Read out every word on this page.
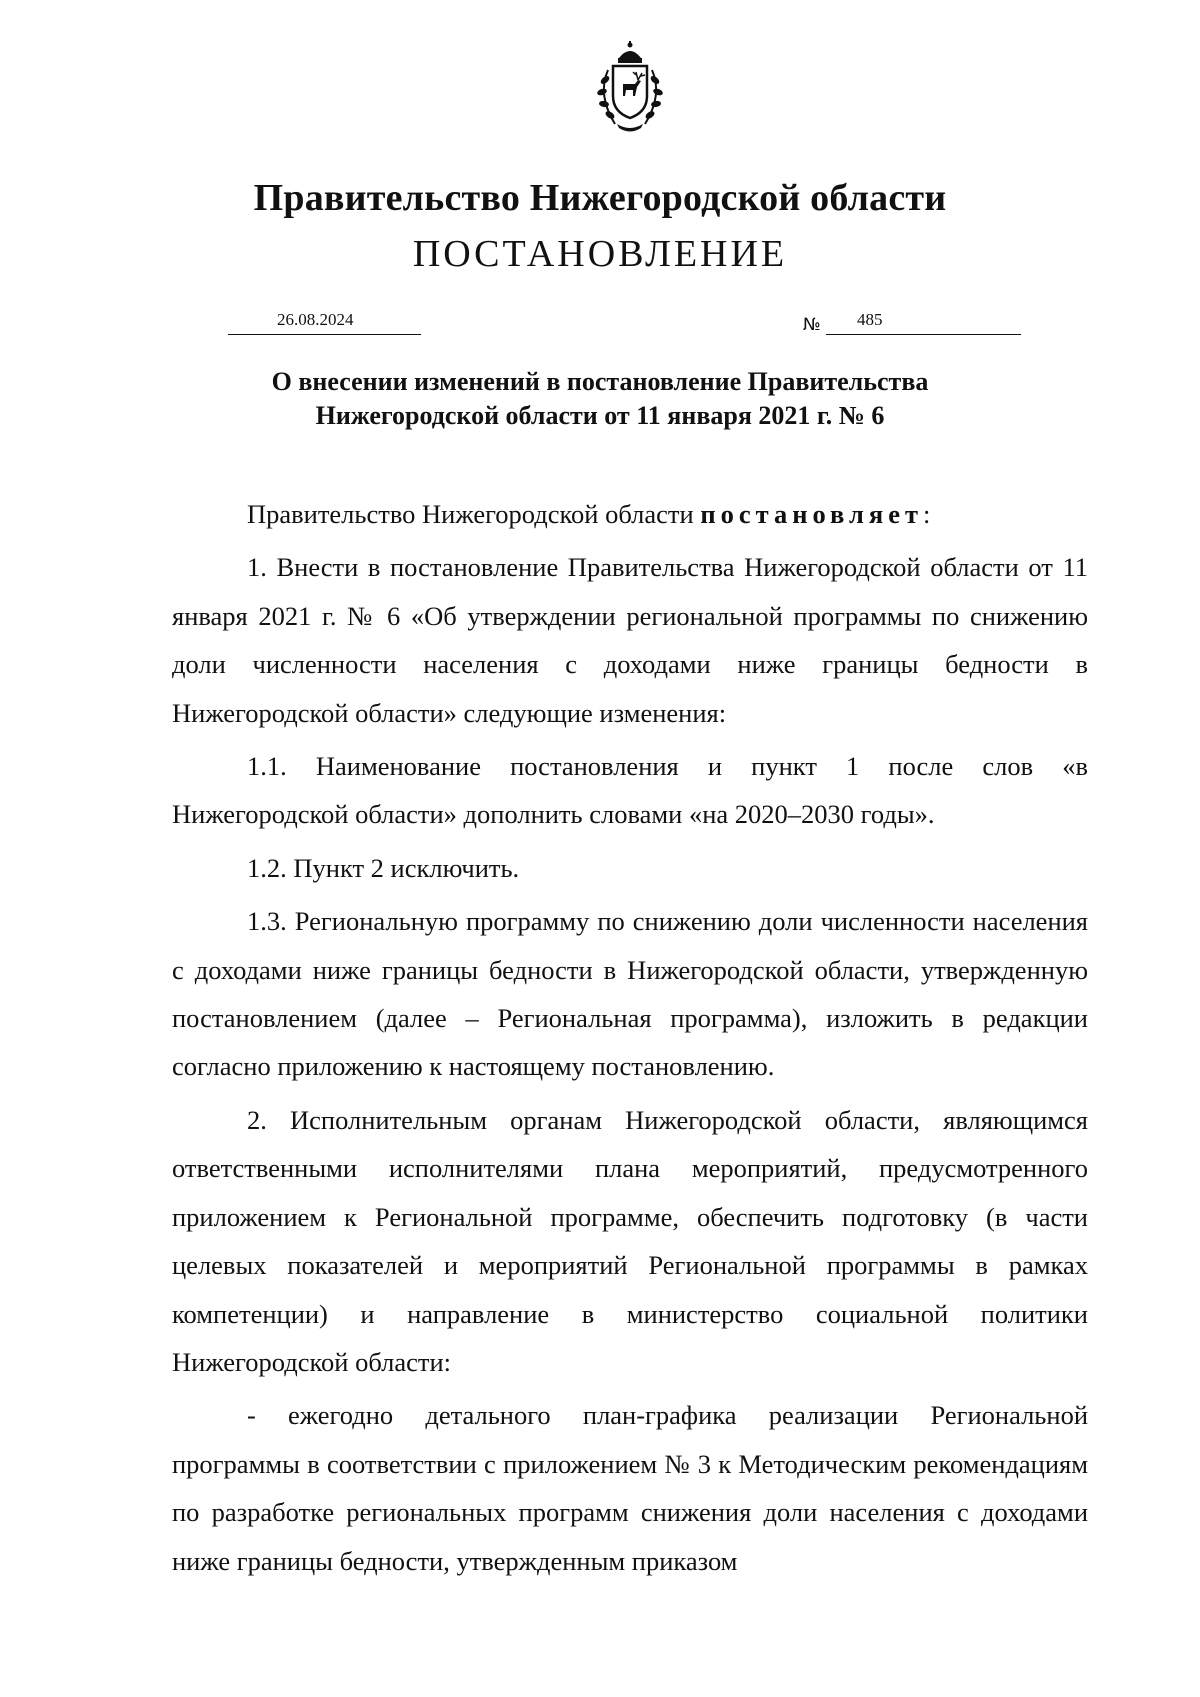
Правительство Нижегородской области
ПОСТАНОВЛЕНИЕ
26.08.2024	№ 485
О внесении изменений в постановление Правительства
Нижегородской области от 11 января 2021 г. № 6

Правительство Нижегородской области постановляет:

1. Внести в постановление Правительства Нижегородской области от 11 января 2021 г. № 6 «Об утверждении региональной программы по снижению доли численности населения с доходами ниже границы бедности в Нижегородской области» следующие изменения:

1.1. Наименование постановления и пункт 1 после слов «в Нижегородской области» дополнить словами «на 2020–2030 годы».

1.2. Пункт 2 исключить.

1.3. Региональную программу по снижению доли численности населения с доходами ниже границы бедности в Нижегородской области, утвержденную постановлением (далее – Региональная программа), изложить в редакции согласно приложению к настоящему постановлению.

2. Исполнительным органам Нижегородской области, являющимся ответственными исполнителями плана мероприятий, предусмотренного приложением к Региональной программе, обеспечить подготовку (в части целевых показателей и мероприятий Региональной программы в рамках компетенции) и направление в министерство социальной политики Нижегородской области:

- ежегодно детального план-графика реализации Региональной программы в соответствии с приложением № 3 к Методическим рекомендациям по разработке региональных программ снижения доли населения с доходами ниже границы бедности, утвержденным приказом
